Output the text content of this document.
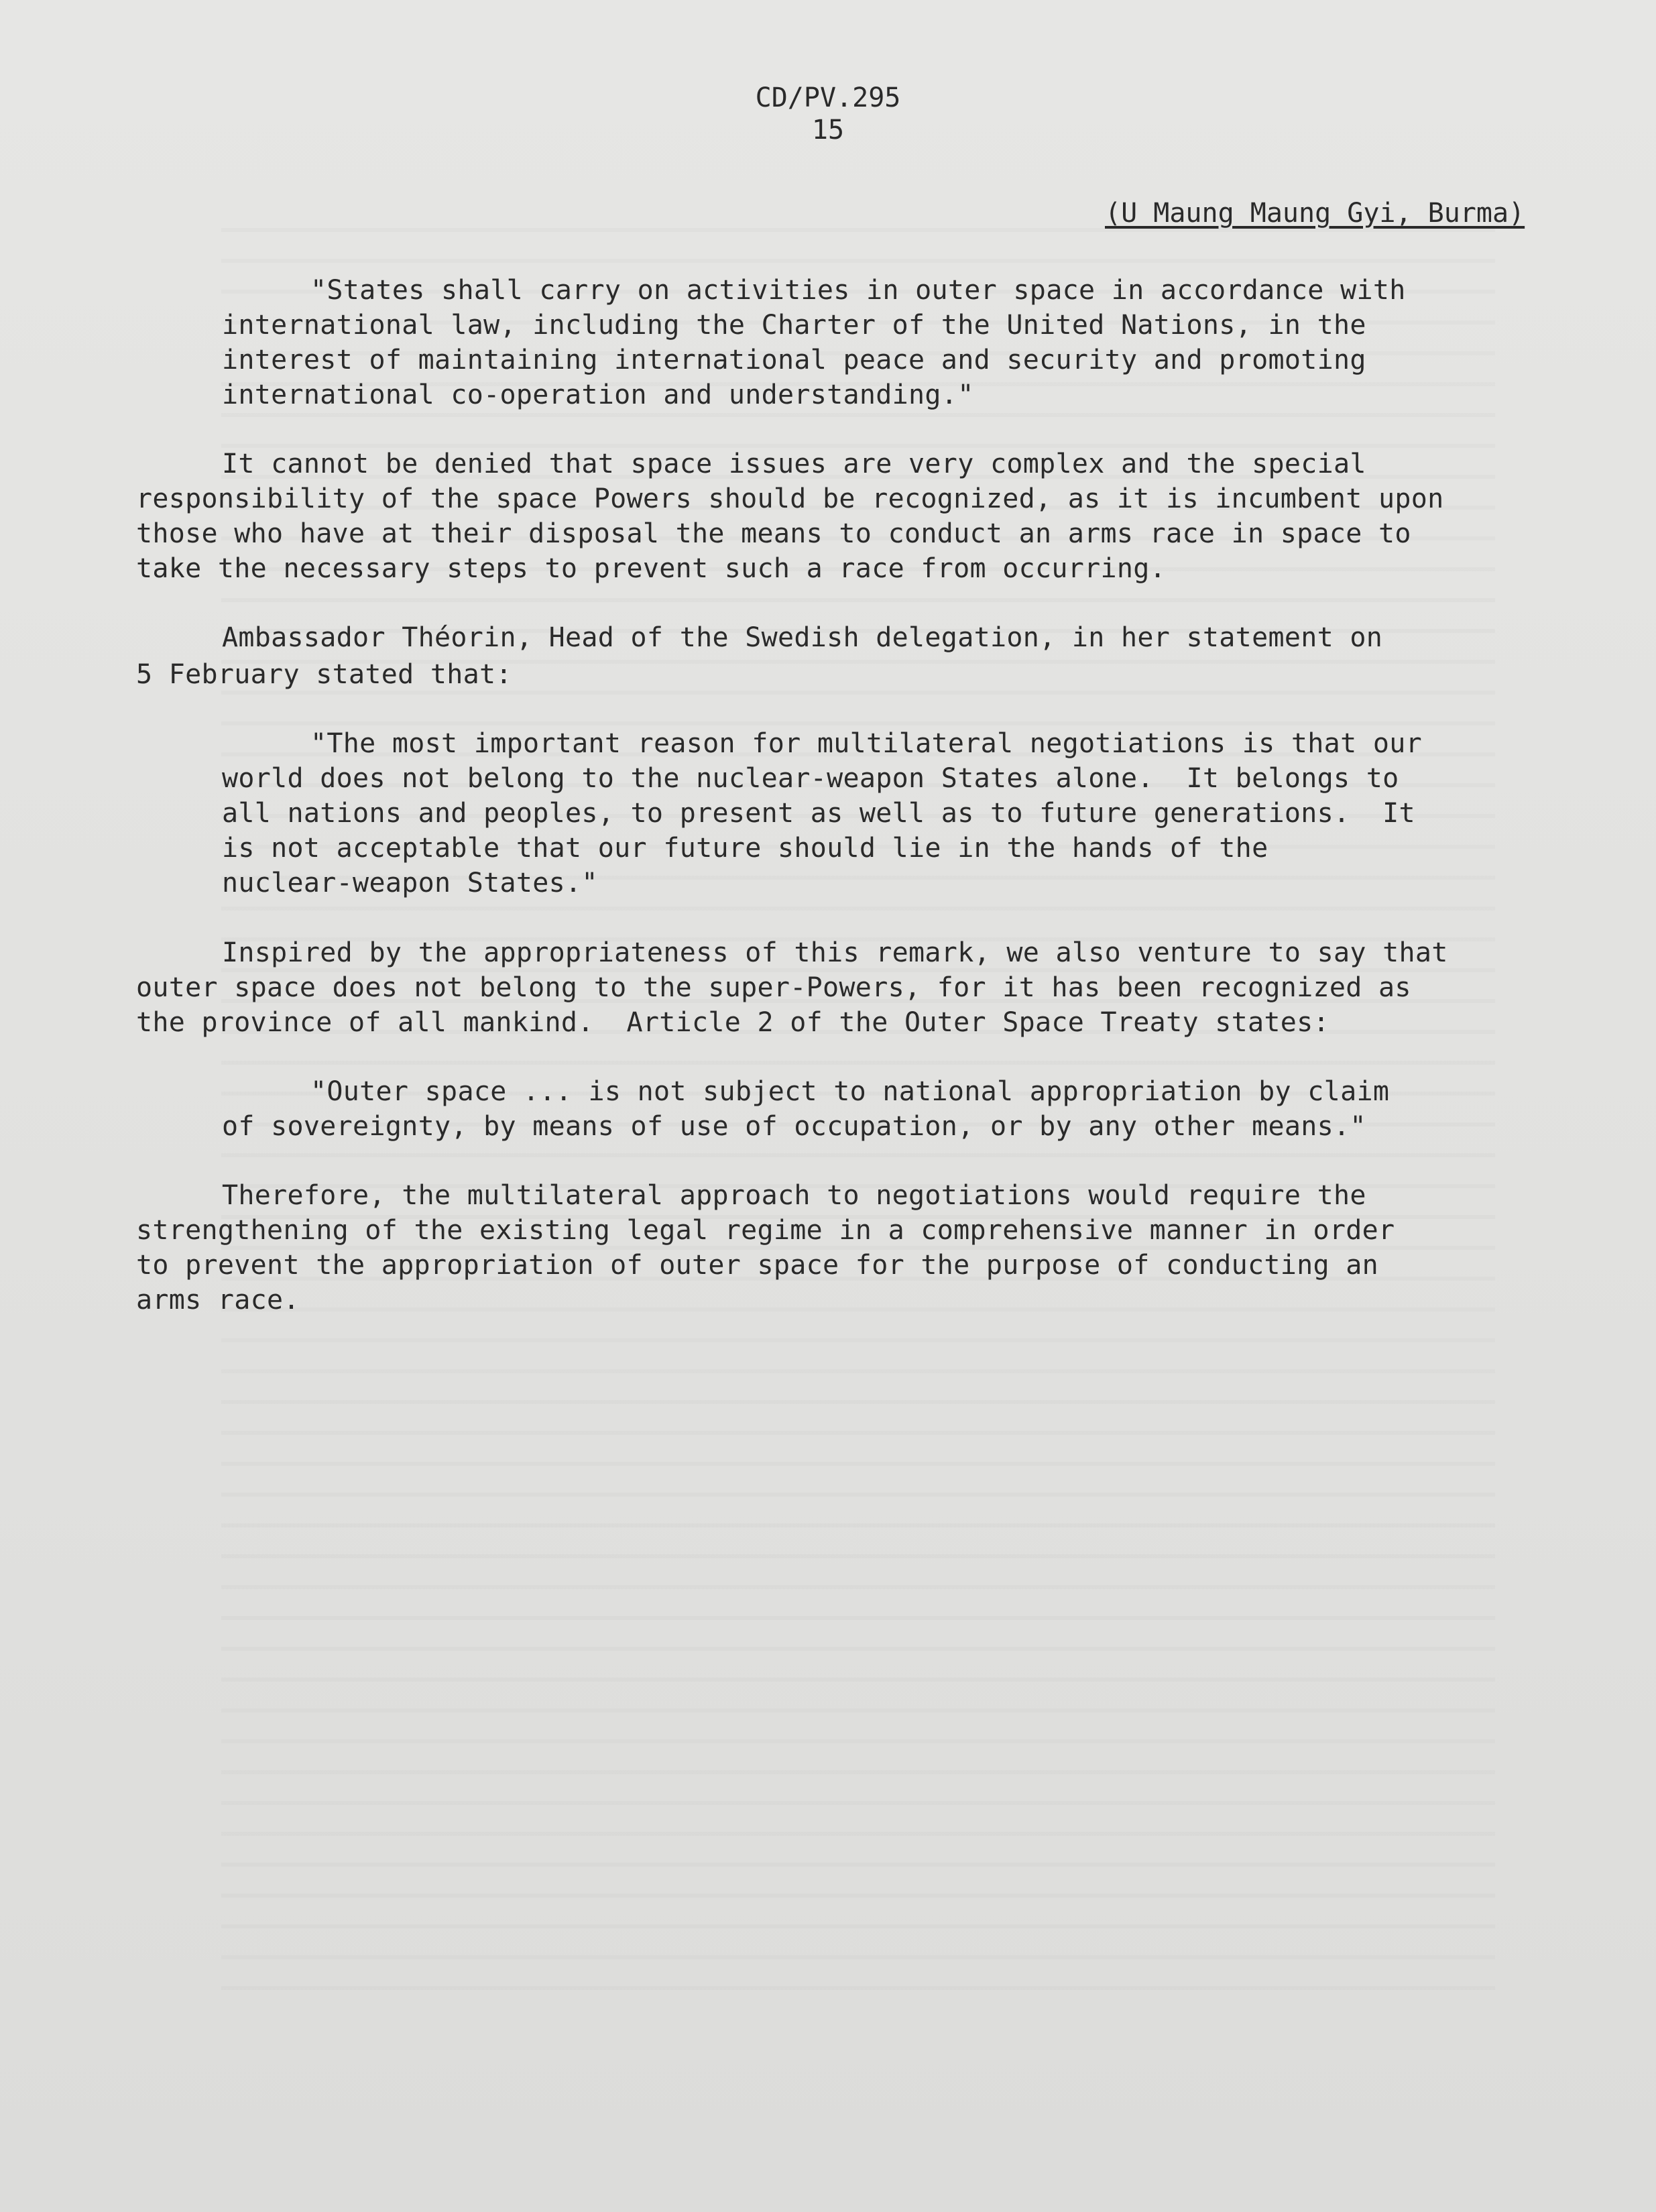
CD/PV.295
15
(U Maung Maung Gyi, Burma)
"States shall carry on activities in outer space in accordance with
international law, including the Charter of the United Nations, in the
interest of maintaining international peace and security and promoting
international co-operation and understanding."
It cannot be denied that space issues are very complex and the special
responsibility of the space Powers should be recognized, as it is incumbent upon
those who have at their disposal the means to conduct an arms race in space to
take the necessary steps to prevent such a race from occurring.
Ambassador Théorin, Head of the Swedish delegation, in her statement on
5 February stated that:
"The most important reason for multilateral negotiations is that our
world does not belong to the nuclear-weapon States alone.  It belongs to
all nations and peoples, to present as well as to future generations.  It
is not acceptable that our future should lie in the hands of the
nuclear-weapon States."
Inspired by the appropriateness of this remark, we also venture to say that
outer space does not belong to the super-Powers, for it has been recognized as
the province of all mankind.  Article 2 of the Outer Space Treaty states:
"Outer space ... is not subject to national appropriation by claim
of sovereignty, by means of use of occupation, or by any other means."
Therefore, the multilateral approach to negotiations would require the
strengthening of the existing legal regime in a comprehensive manner in order
to prevent the appropriation of outer space for the purpose of conducting an
arms race.
